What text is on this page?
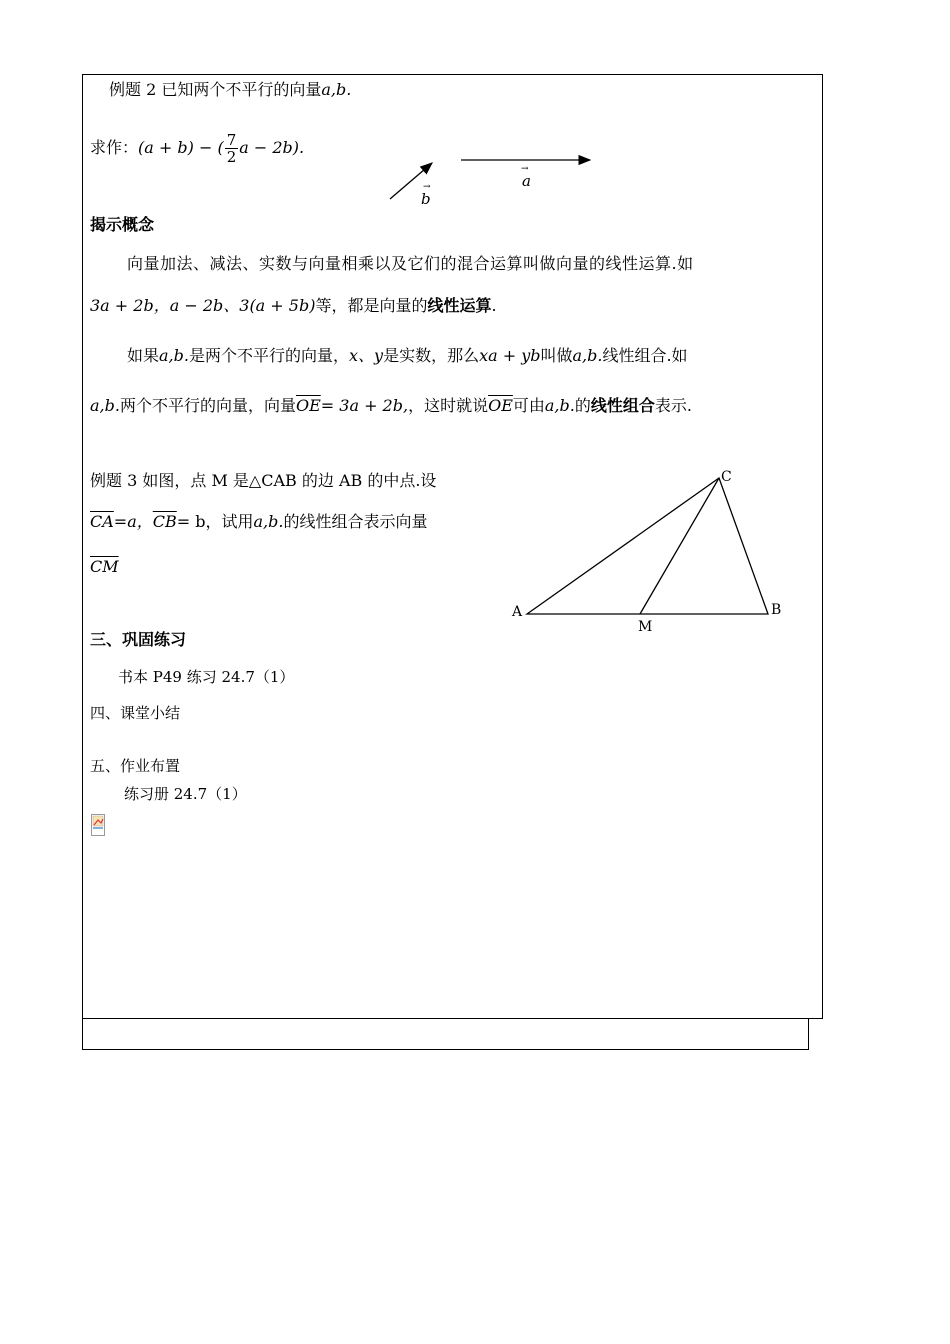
例题 2 已知两个不平行的向量a,b.
求作：(a + b) − ( $\frac{7}{2}$ a − 2b).
b
→	a
→
揭示概念
向量加法、减法、实数与向量相乘以及它们的混合运算叫做向量的线性运算.如
3a + 2b，a − 2b、3(a + 5b)等，都是向量的线性运算.
如果a,b.是两个不平行的向量，x、y是实数，那么xa + yb叫做a,b.线性组合.如
a,b.两个不平行的向量，向量$\overline{OE}= 3a + 2b$,，这时就说$\overline{OE}$可由a,b.的线性组合表示.
例题 3 如图，点 M 是△CAB 的边 AB 的中点.设
$\overline{CA}=a$，$\overline{CB}= b$，试用a,b.的线性组合表示向量
$\overline{CM}$
C
A	B
M
三、巩固练习
书本 P49 练习 24.7（1）
四、课堂小结
五、作业布置
练习册 24.7（1）
